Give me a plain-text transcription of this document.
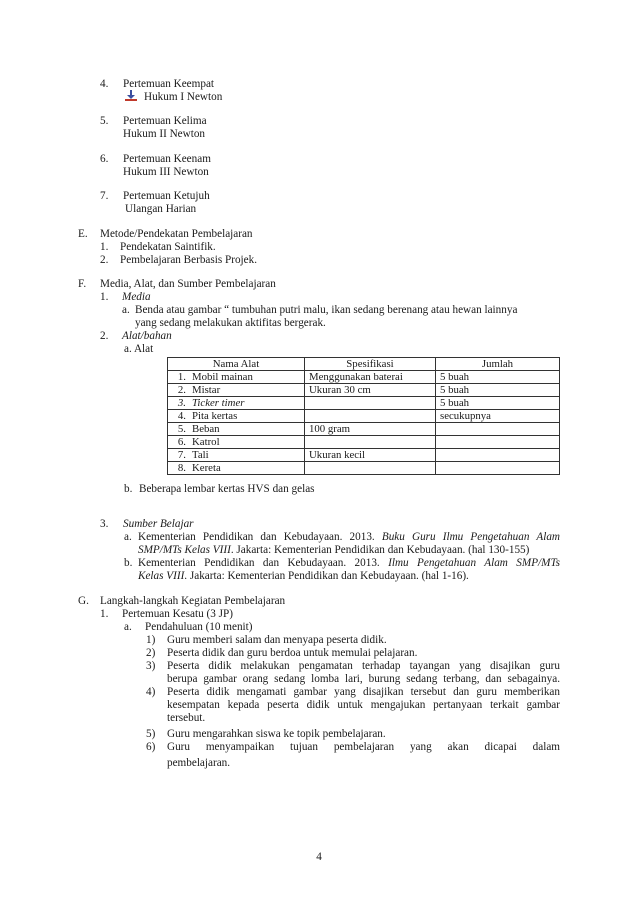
4. Pertemuan Keempat
Hukum I Newton
5. Pertemuan Kelima
Hukum II Newton
6. Pertemuan Keenam
Hukum III Newton
7. Pertemuan Ketujuh
Ulangan Harian
E. Metode/Pendekatan Pembelajaran
1. Pendekatan Saintifik.
2. Pembelajaran Berbasis Projek.
F. Media, Alat, dan Sumber Pembelajaran
1. Media
a. Benda atau gambar “ tumbuhan putri malu, ikan sedang berenang atau hewan lainnya
yang sedang melakukan aktifitas bergerak.
2. Alat/bahan
a. Alat
Nama Alat		Spesifikasi	Jumlah
1.	Mobil mainan	Menggunakan baterai	5 buah
2.	Mistar	Ukuran 30 cm	5 buah
3.	Ticker timer		5 buah
4.	Pita kertas		secukupnya
5.	Beban	100 gram	
6.	Katrol		
7.	Tali	Ukuran kecil	
8.	Kereta		
b. Beberapa lembar kertas HVS dan gelas
3. Sumber Belajar
a. Kementerian Pendidikan dan Kebudayaan. 2013. Buku Guru Ilmu Pengetahuan Alam
SMP/MTs Kelas VIII. Jakarta: Kementerian Pendidikan dan Kebudayaan. (hal 130-155)
b. Kementerian Pendidikan dan Kebudayaan. 2013. Ilmu Pengetahuan Alam SMP/MTs
Kelas VIII. Jakarta: Kementerian Pendidikan dan Kebudayaan. (hal 1-16).
G. Langkah-langkah Kegiatan Pembelajaran
1. Pertemuan Kesatu (3 JP)
a. Pendahuluan (10 menit)
1) Guru memberi salam dan menyapa peserta didik.
2) Peserta didik dan guru berdoa untuk memulai pelajaran.
3) Peserta didik melakukan pengamatan terhadap tayangan yang disajikan guru
berupa gambar orang sedang lomba lari, burung sedang terbang, dan sebagainya.
4) Peserta didik mengamati gambar yang disajikan tersebut dan guru memberikan
kesempatan kepada peserta didik untuk mengajukan pertanyaan terkait gambar
tersebut.
5) Guru mengarahkan siswa ke topik pembelajaran.
6) Guru menyampaikan tujuan pembelajaran yang akan dicapai dalam
pembelajaran.
4
